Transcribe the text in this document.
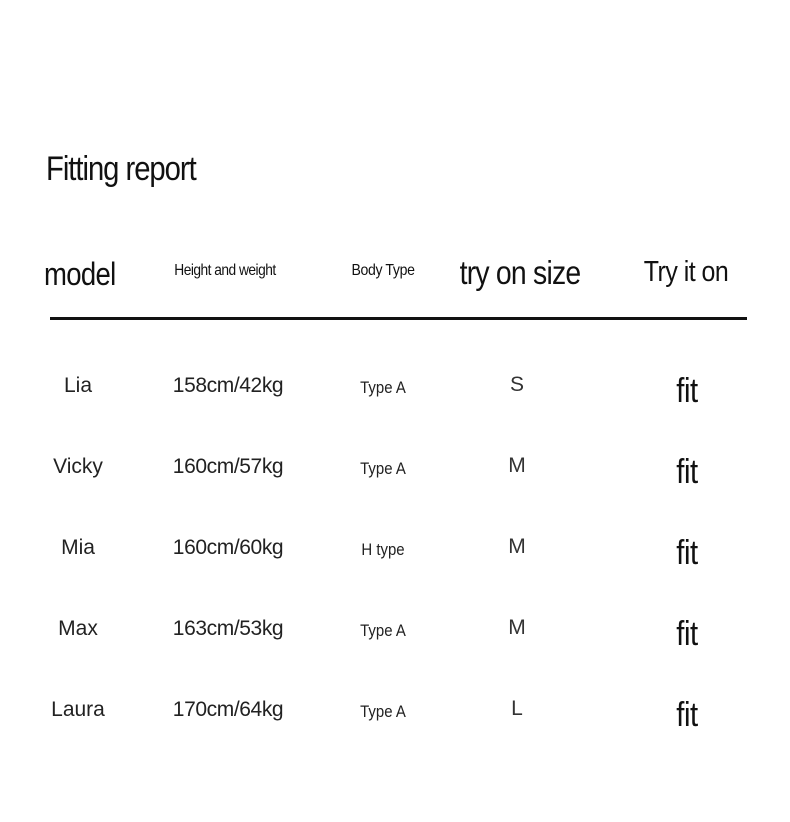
Fitting report
model	Height and weight	Body Type	try on size	Try it on
Lia	158cm/42kg	Type A	S	fit
Vicky	160cm/57kg	Type A	M	fit
Mia	160cm/60kg	H type	M	fit
Max	163cm/53kg	Type A	M	fit
Laura	170cm/64kg	Type A	L	fit
